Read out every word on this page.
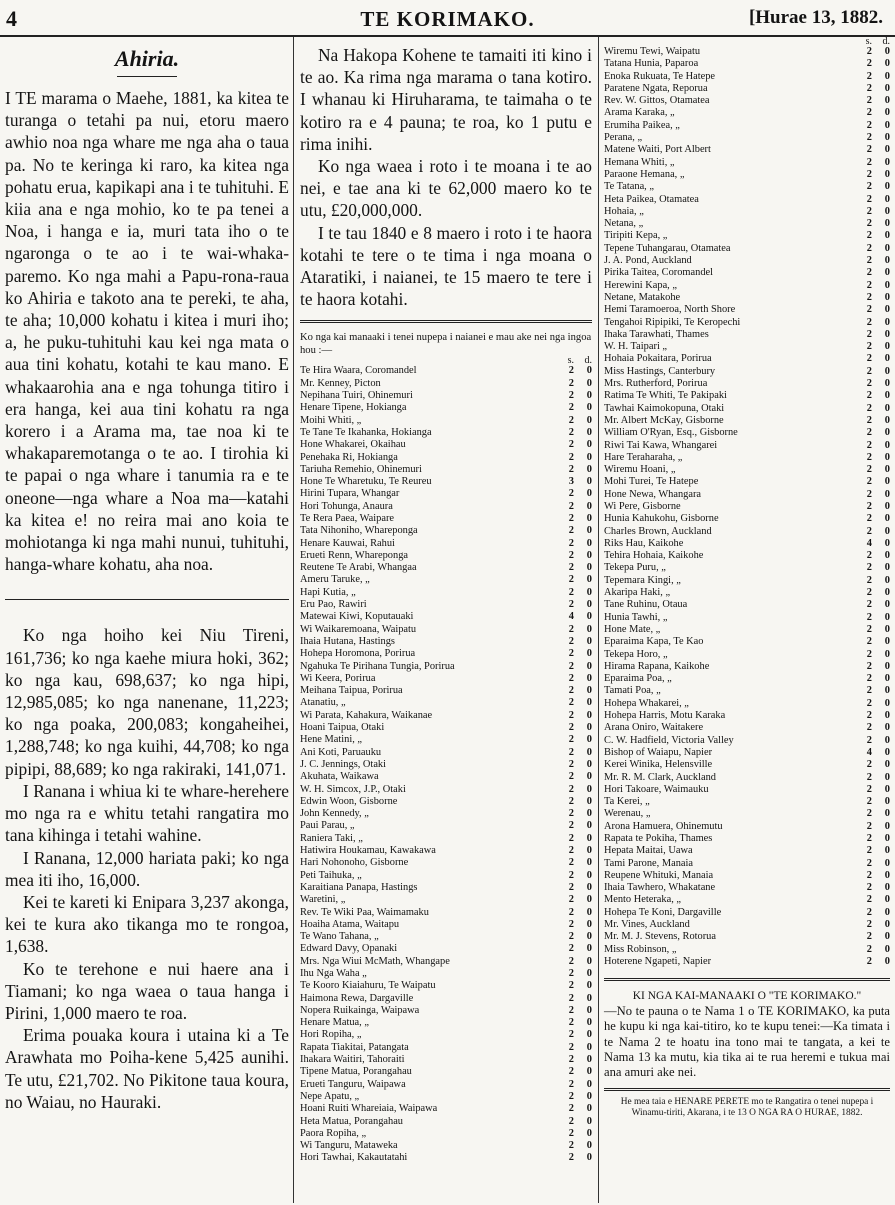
4	TE KORIMAKO.	[Hurae 13, 1882.
Ahiria.

I TE marama o Maehe, 1881, ka kitea te turanga o tetahi pa nui, etoru maero awhio noa nga whare me nga aha o taua pa. No te keringa ki raro, ka kitea nga pohatu erua, kapikapi ana i te tuhituhi. E kiia ana e nga mohio, ko te pa tenei a Noa, i hanga e ia, muri tata iho o te ngaronga o te ao i te wai-whaka-paremo. Ko nga mahi a Papu-rona-raua ko Ahiria e takoto ana te pereki, te aha, te aha; 10,000 kohatu i kitea i muri iho; a, he puku-tuhituhi kau kei nga mata o aua tini kohatu, kotahi te kau mano. E whakaarohia ana e nga tohunga titiro i era hanga, kei aua tini kohatu ra nga korero i a Arama ma, tae noa ki te whakaparemotanga o te ao. I tirohia ki te papai o nga whare i tanumia ra e te oneone—nga whare a Noa ma—katahi ka kitea e! no reira mai ano koia te mohiotanga ki nga mahi nunui, tuhituhi, hanga-whare kohatu, aha noa.

Ko nga hoiho kei Niu Tireni, 161,736; ko nga kaehe miura hoki, 362; ko nga kau, 698,637; ko nga hipi, 12,985,085; ko nga nanenane, 11,223; ko nga poaka, 200,083; kongaheihei, 1,288,748; ko nga kuihi, 44,708; ko nga pipipi, 88,689; ko nga rakiraki, 141,071.

I Ranana i whiua ki te whare-herehere mo nga ra e whitu tetahi rangatira mo tana kihinga i tetahi wahine.

I Ranana, 12,000 hariata paki; ko nga mea iti iho, 16,000.

Kei te kareti ki Enipara 3,237 akonga, kei te kura ako tikanga mo te rongoa, 1,638.

Ko te terehone e nui haere ana i Tiamani; ko nga waea o taua hanga i Pirini, 1,000 maero te roa.

Erima pouaka koura i utaina ki a Te Arawhata mo Poiha-kene 5,425 aunihi. Te utu, £21,702. No Pikitone taua koura, no Waiau, no Hauraki.

Na Hakopa Kohene te tamaiti iti kino i te ao. Ka rima nga marama o tana kotiro. I whanau ki Hiruharama, te taimaha o te kotiro ra e 4 pauna; te roa, ko 1 putu e rima inihi.

Ko nga waea i roto i te moana i te ao nei, e tae ana ki te 62,000 maero ko te utu, £20,000,000.

I te tau 1840 e 8 maero i roto i te haora kotahi te tere o te tima i nga moana o Ataratiki, i naianei, te 15 maero te tere i te haora kotahi.

Ko nga kai manaaki i tenei nupepa i naianei e mau ake nei nga ingoa hou :—
s.	d.
Te Hira Waara, Coromandel	2	0
Mr. Kenney, Picton	2	0
Nepihana Tuiri, Ohinemuri	2	0
Henare Tipene, Hokianga	2	0
Moihi Whiti, „	2	0
Te Tane Te Ikahanka, Hokianga	2	0
Hone Whakarei, Okaihau	2	0
Penehaka Ri, Hokianga	2	0
Tariuha Remehio, Ohinemuri	2	0
Hone Te Wharetuku, Te Reureu	3	0
Hirini Tupara, Whangar	2	0
Hori Tohunga, Anaura	2	0
Te Rera Paea, Waipare	2	0
Tata Nihoniho, Whareponga	2	0
Henare Kauwai, Rahui	2	0
Erueti Renn, Whareponga	2	0
Reutene Te Arabi, Whangaa	2	0
Ameru Taruke, „	2	0
Hapi Kutia, „	2	0
Eru Pao, Rawiri	2	0
Matewai Kiwi, Koputauaki	4	0
Wi Waikaremoana, Waipatu	2	0
Ihaia Hutana, Hastings	2	0
Hohepa Horomona, Porirua	2	0
Ngahuka Te Pirihana Tungia, Porirua	2	0
Wi Keera, Porirua	2	0
Meihana Taipua, Porirua	2	0
Atanatiu, „	2	0
Wi Parata, Kahakura, Waikanae	2	0
Hoani Taipua, Otaki	2	0
Hene Matini, „	2	0
Ani Koti, Paruauku	2	0
J. C. Jennings, Otaki	2	0
Akuhata, Waikawa	2	0
W. H. Simcox, J.P., Otaki	2	0
Edwin Woon, Gisborne	2	0
John Kennedy, „	2	0
Paui Parau, „	2	0
Raniera Taki, „	2	0
Hatiwira Houkamau, Kawakawa	2	0
Hari Nohonoho, Gisborne	2	0
Peti Taihuka, „	2	0
Karaitiana Panapa, Hastings	2	0
Waretini, „	2	0
Rev. Te Wiki Paa, Waimamaku	2	0
Hoaiha Atama, Waitapu	2	0
Te Wano Tahana, „	2	0
Edward Davy, Opanaki	2	0
Mrs. Nga Wiui McMath, Whangape	2	0
Ihu Nga Waha „	2	0
Te Kooro Kiaiahuru, Te Waipatu	2	0
Haimona Rewa, Dargaville	2	0
Nopera Ruikainga, Waipawa	2	0
Henare Matua, „	2	0
Hori Ropiha, „	2	0
Rapata Tiakitai, Patangata	2	0
Ihakara Waitiri, Tahoraiti	2	0
Tipene Matua, Porangahau	2	0
Erueti Tanguru, Waipawa	2	0
Nepe Apatu, „	2	0
Hoani Ruiti Whareiaia, Waipawa	2	0
Heta Matua, Porangahau	2	0
Paora Ropiha, „	2	0
Wi Tanguru, Mataweka	2	0
Hori Tawhai, Kakautatahi	2	0
s.	d.
Wiremu Tewi, Waipatu	2	0
Tatana Hunia, Paparoa	2	0
Enoka Rukuata, Te Hatepe	2	0
Paratene Ngata, Reporua	2	0
Rev. W. Gittos, Otamatea	2	0
Arama Karaka, „	2	0
Erumiha Paikea, „	2	0
Perana, „	2	0
Matene Waiti, Port Albert	2	0
Hemana Whiti, „	2	0
Paraone Hemana, „	2	0
Te Tatana, „	2	0
Heta Paikea, Otamatea	2	0
Hohaia, „	2	0
Netana, „	2	0
Tiripiti Kepa, „	2	0
Tepene Tuhangarau, Otamatea	2	0
J. A. Pond, Auckland	2	0
Pirika Taitea, Coromandel	2	0
Herewini Kapa, „	2	0
Netane, Matakohe	2	0
Hemi Taramoeroa, North Shore	2	0
Tengahoi Ripipiki, Te Keropechi	2	0
Ihaka Tarawhati, Thames	2	0
W. H. Taipari „	2	0
Hohaia Pokaitara, Porirua	2	0
Miss Hastings, Canterbury	2	0
Mrs. Rutherford, Porirua	2	0
Ratima Te Whiti, Te Pakipaki	2	0
Tawhai Kaimokopuna, Otaki	2	0
Mr. Albert McKay, Gisborne	2	0
William O'Ryan, Esq., Gisborne	2	0
Riwi Tai Kawa, Whangarei	2	0
Hare Teraharaha, „	2	0
Wiremu Hoani, „	2	0
Mohi Turei, Te Hatepe	2	0
Hone Newa, Whangara	2	0
Wi Pere, Gisborne	2	0
Hunia Kahukohu, Gisborne	2	0
Charles Brown, Auckland	2	0
Riks Hau, Kaikohe	4	0
Tehira Hohaia, Kaikohe	2	0
Tekepa Puru, „	2	0
Tepemara Kingi, „	2	0
Akaripa Haki, „	2	0
Tane Ruhinu, Otaua	2	0
Hunia Tawhi, „	2	0
Hone Mate, „	2	0
Eparaima Kapa, Te Kao	2	0
Tekepa Horo, „	2	0
Hirama Rapana, Kaikohe	2	0
Eparaima Poa, „	2	0
Tamati Poa, „	2	0
Hohepa Whakarei, „	2	0
Hohepa Harris, Motu Karaka	2	0
Arana Oniro, Waitakere	2	0
C. W. Hadfield, Victoria Valley	2	0
Bishop of Waiapu, Napier	4	0
Kerei Winika, Helensville	2	0
Mr. R. M. Clark, Auckland	2	0
Hori Takoare, Waimauku	2	0
Ta Kerei, „	2	0
Werenau, „	2	0
Arona Hamuera, Ohinemutu	2	0
Rapata te Pokiha, Thames	2	0
Hepata Maitai, Uawa	2	0
Tami Parone, Manaia	2	0
Reupene Whituki, Manaia	2	0
Ihaia Tawhero, Whakatane	2	0
Mento Heteraka, „	2	0
Hohepa Te Koni, Dargaville	2	0
Mr. Vines, Auckland	2	0
Mr. M. J. Stevens, Rotorua	2	0
Miss Robinson, „	2	0
Hoterene Ngapeti, Napier	2	0

KI NGA KAI-MANAAKI O "TE KORIMAKO."

—No te pauna o te Nama 1 o TE KORIMAKO, ka puta he kupu ki nga kai-titiro, ko te kupu tenei:—Ka timata i te Nama 2 te hoatu ina tono mai te tangata, a kei te Nama 13 ka mutu, kia tika ai te rua heremi e tukua mai ana amuri ake nei.

He mea taia e HENARE PERETE mo te Rangatira o tenei nupepa i Winamu-tiriti, Akarana, i te 13 O NGA RA O HURAE, 1882.
